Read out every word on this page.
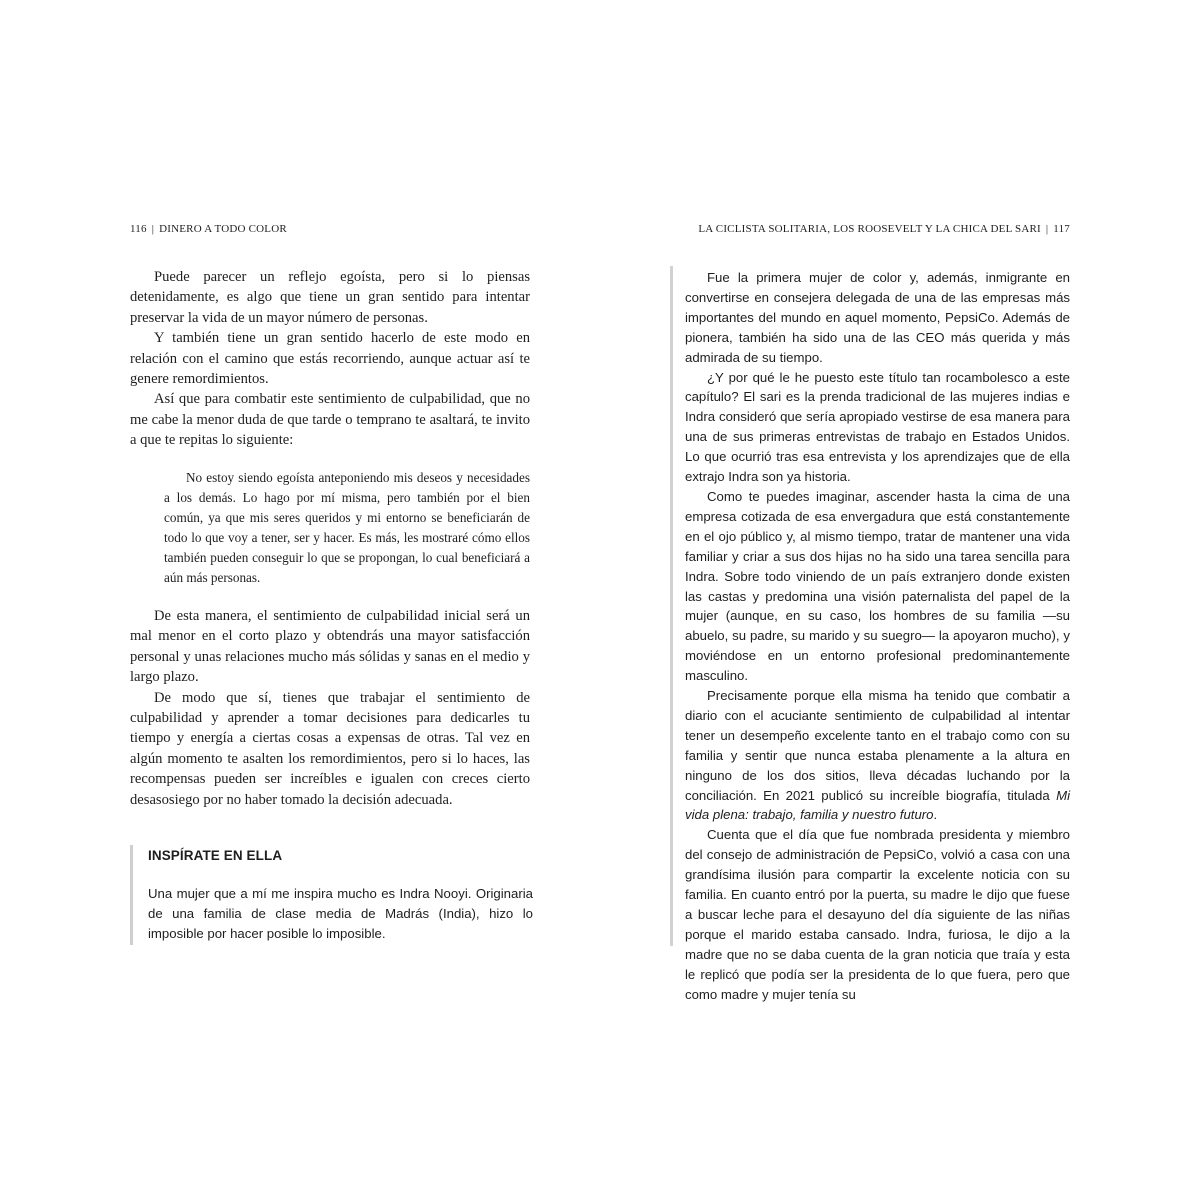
116 | DINERO A TODO COLOR	LA CICLISTA SOLITARIA, LOS ROOSEVELT Y LA CHICA DEL SARI | 117

Puede parecer un reflejo egoísta, pero si lo piensas detenidamente, es algo que tiene un gran sentido para intentar preservar la vida de un mayor número de personas.

Y también tiene un gran sentido hacerlo de este modo en relación con el camino que estás recorriendo, aunque actuar así te genere remordimientos.

Así que para combatir este sentimiento de culpabilidad, que no me cabe la menor duda de que tarde o temprano te asaltará, te invito a que te repitas lo siguiente:

No estoy siendo egoísta anteponiendo mis deseos y necesidades a los demás. Lo hago por mí misma, pero también por el bien común, ya que mis seres queridos y mi entorno se beneficiarán de todo lo que voy a tener, ser y hacer. Es más, les mostraré cómo ellos también pueden conseguir lo que se propongan, lo cual beneficiará a aún más personas.

De esta manera, el sentimiento de culpabilidad inicial será un mal menor en el corto plazo y obtendrás una mayor satisfacción personal y unas relaciones mucho más sólidas y sanas en el medio y largo plazo.

De modo que sí, tienes que trabajar el sentimiento de culpabilidad y aprender a tomar decisiones para dedicarles tu tiempo y energía a ciertas cosas a expensas de otras. Tal vez en algún momento te asalten los remordimientos, pero si lo haces, las recompensas pueden ser increíbles e igualen con creces cierto desasosiego por no haber tomado la decisión adecuada.

INSPÍRATE EN ELLA

Una mujer que a mí me inspira mucho es Indra Nooyi. Originaria de una familia de clase media de Madrás (India), hizo lo imposible por hacer posible lo imposible.

Fue la primera mujer de color y, además, inmigrante en convertirse en consejera delegada de una de las empresas más importantes del mundo en aquel momento, PepsiCo. Además de pionera, también ha sido una de las CEO más querida y más admirada de su tiempo.

¿Y por qué le he puesto este título tan rocambolesco a este capítulo? El sari es la prenda tradicional de las mujeres indias e Indra consideró que sería apropiado vestirse de esa manera para una de sus primeras entrevistas de trabajo en Estados Unidos. Lo que ocurrió tras esa entrevista y los aprendizajes que de ella extrajo Indra son ya historia.

Como te puedes imaginar, ascender hasta la cima de una empresa cotizada de esa envergadura que está constantemente en el ojo público y, al mismo tiempo, tratar de mantener una vida familiar y criar a sus dos hijas no ha sido una tarea sencilla para Indra. Sobre todo viniendo de un país extranjero donde existen las castas y predomina una visión paternalista del papel de la mujer (aunque, en su caso, los hombres de su familia —su abuelo, su padre, su marido y su suegro— la apoyaron mucho), y moviéndose en un entorno profesional predominantemente masculino.

Precisamente porque ella misma ha tenido que combatir a diario con el acuciante sentimiento de culpabilidad al intentar tener un desempeño excelente tanto en el trabajo como con su familia y sentir que nunca estaba plenamente a la altura en ninguno de los dos sitios, lleva décadas luchando por la conciliación. En 2021 publicó su increíble biografía, titulada Mi vida plena: trabajo, familia y nuestro futuro.

Cuenta que el día que fue nombrada presidenta y miembro del consejo de administración de PepsiCo, volvió a casa con una grandísima ilusión para compartir la excelente noticia con su familia. En cuanto entró por la puerta, su madre le dijo que fuese a buscar leche para el desayuno del día siguiente de las niñas porque el marido estaba cansado. Indra, furiosa, le dijo a la madre que no se daba cuenta de la gran noticia que traía y esta le replicó que podía ser la presidenta de lo que fuera, pero que como madre y mujer tenía su
